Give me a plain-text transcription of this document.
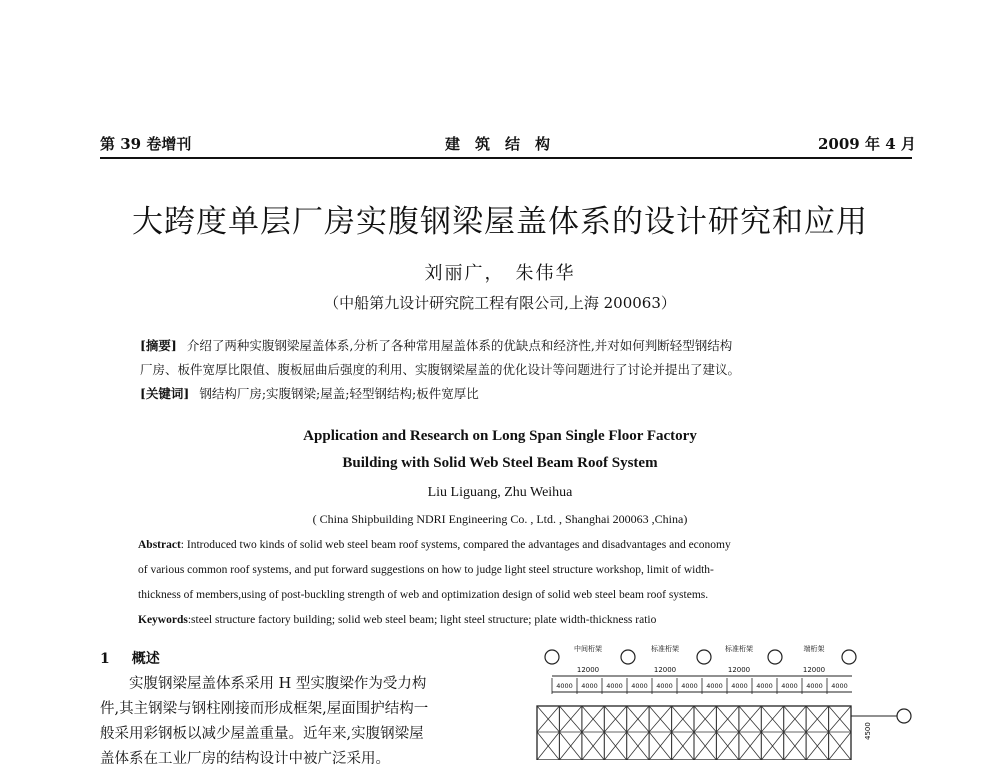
第 39 卷增刊	建　筑　结　构	2009 年 4 月
大跨度单层厂房实腹钢梁屋盖体系的设计研究和应用
刘丽广，　朱伟华
（中船第九设计研究院工程有限公司,上海 200063）
[摘要] 介绍了两种实腹钢梁屋盖体系,分析了各种常用屋盖体系的优缺点和经济性,并对如何判断轻型钢结构
厂房、板件宽厚比限值、腹板屈曲后强度的利用、实腹钢梁屋盖的优化设计等问题进行了讨论并提出了建议。
[关键词] 钢结构厂房;实腹钢梁;屋盖;轻型钢结构;板件宽厚比
Application and Research on Long Span Single Floor Factory
Building with Solid Web Steel Beam Roof System
Liu Liguang, Zhu Weihua
( China Shipbuilding NDRI Engineering Co. , Ltd. , Shanghai 200063 ,China)
Abstract: Introduced two kinds of solid web steel beam roof systems, compared the advantages and disadvantages and economy
of various common roof systems, and put forward suggestions on how to judge light steel structure workshop, limit of width-
thickness of members,using of post-buckling strength of web and optimization design of solid web steel beam roof systems.
Keywords:steel structure factory building; solid web steel beam; light steel structure; plate width-thickness ratio
1 概述
　　实腹钢梁屋盖体系采用 H 型实腹梁作为受力构
件,其主钢梁与钢柱刚接而形成框架,屋面围护结构一
般采用彩钢板以减少屋盖重量。近年来,实腹钢梁屋
盖体系在工业厂房的结构设计中被广泛采用。
中间桁架	标准桁架	标准桁架	端桁架
12000	12000	12000	12000
4000 4000 4000 4000 4000 4000 4000 4000 4000 4000 4000 4000
4500
